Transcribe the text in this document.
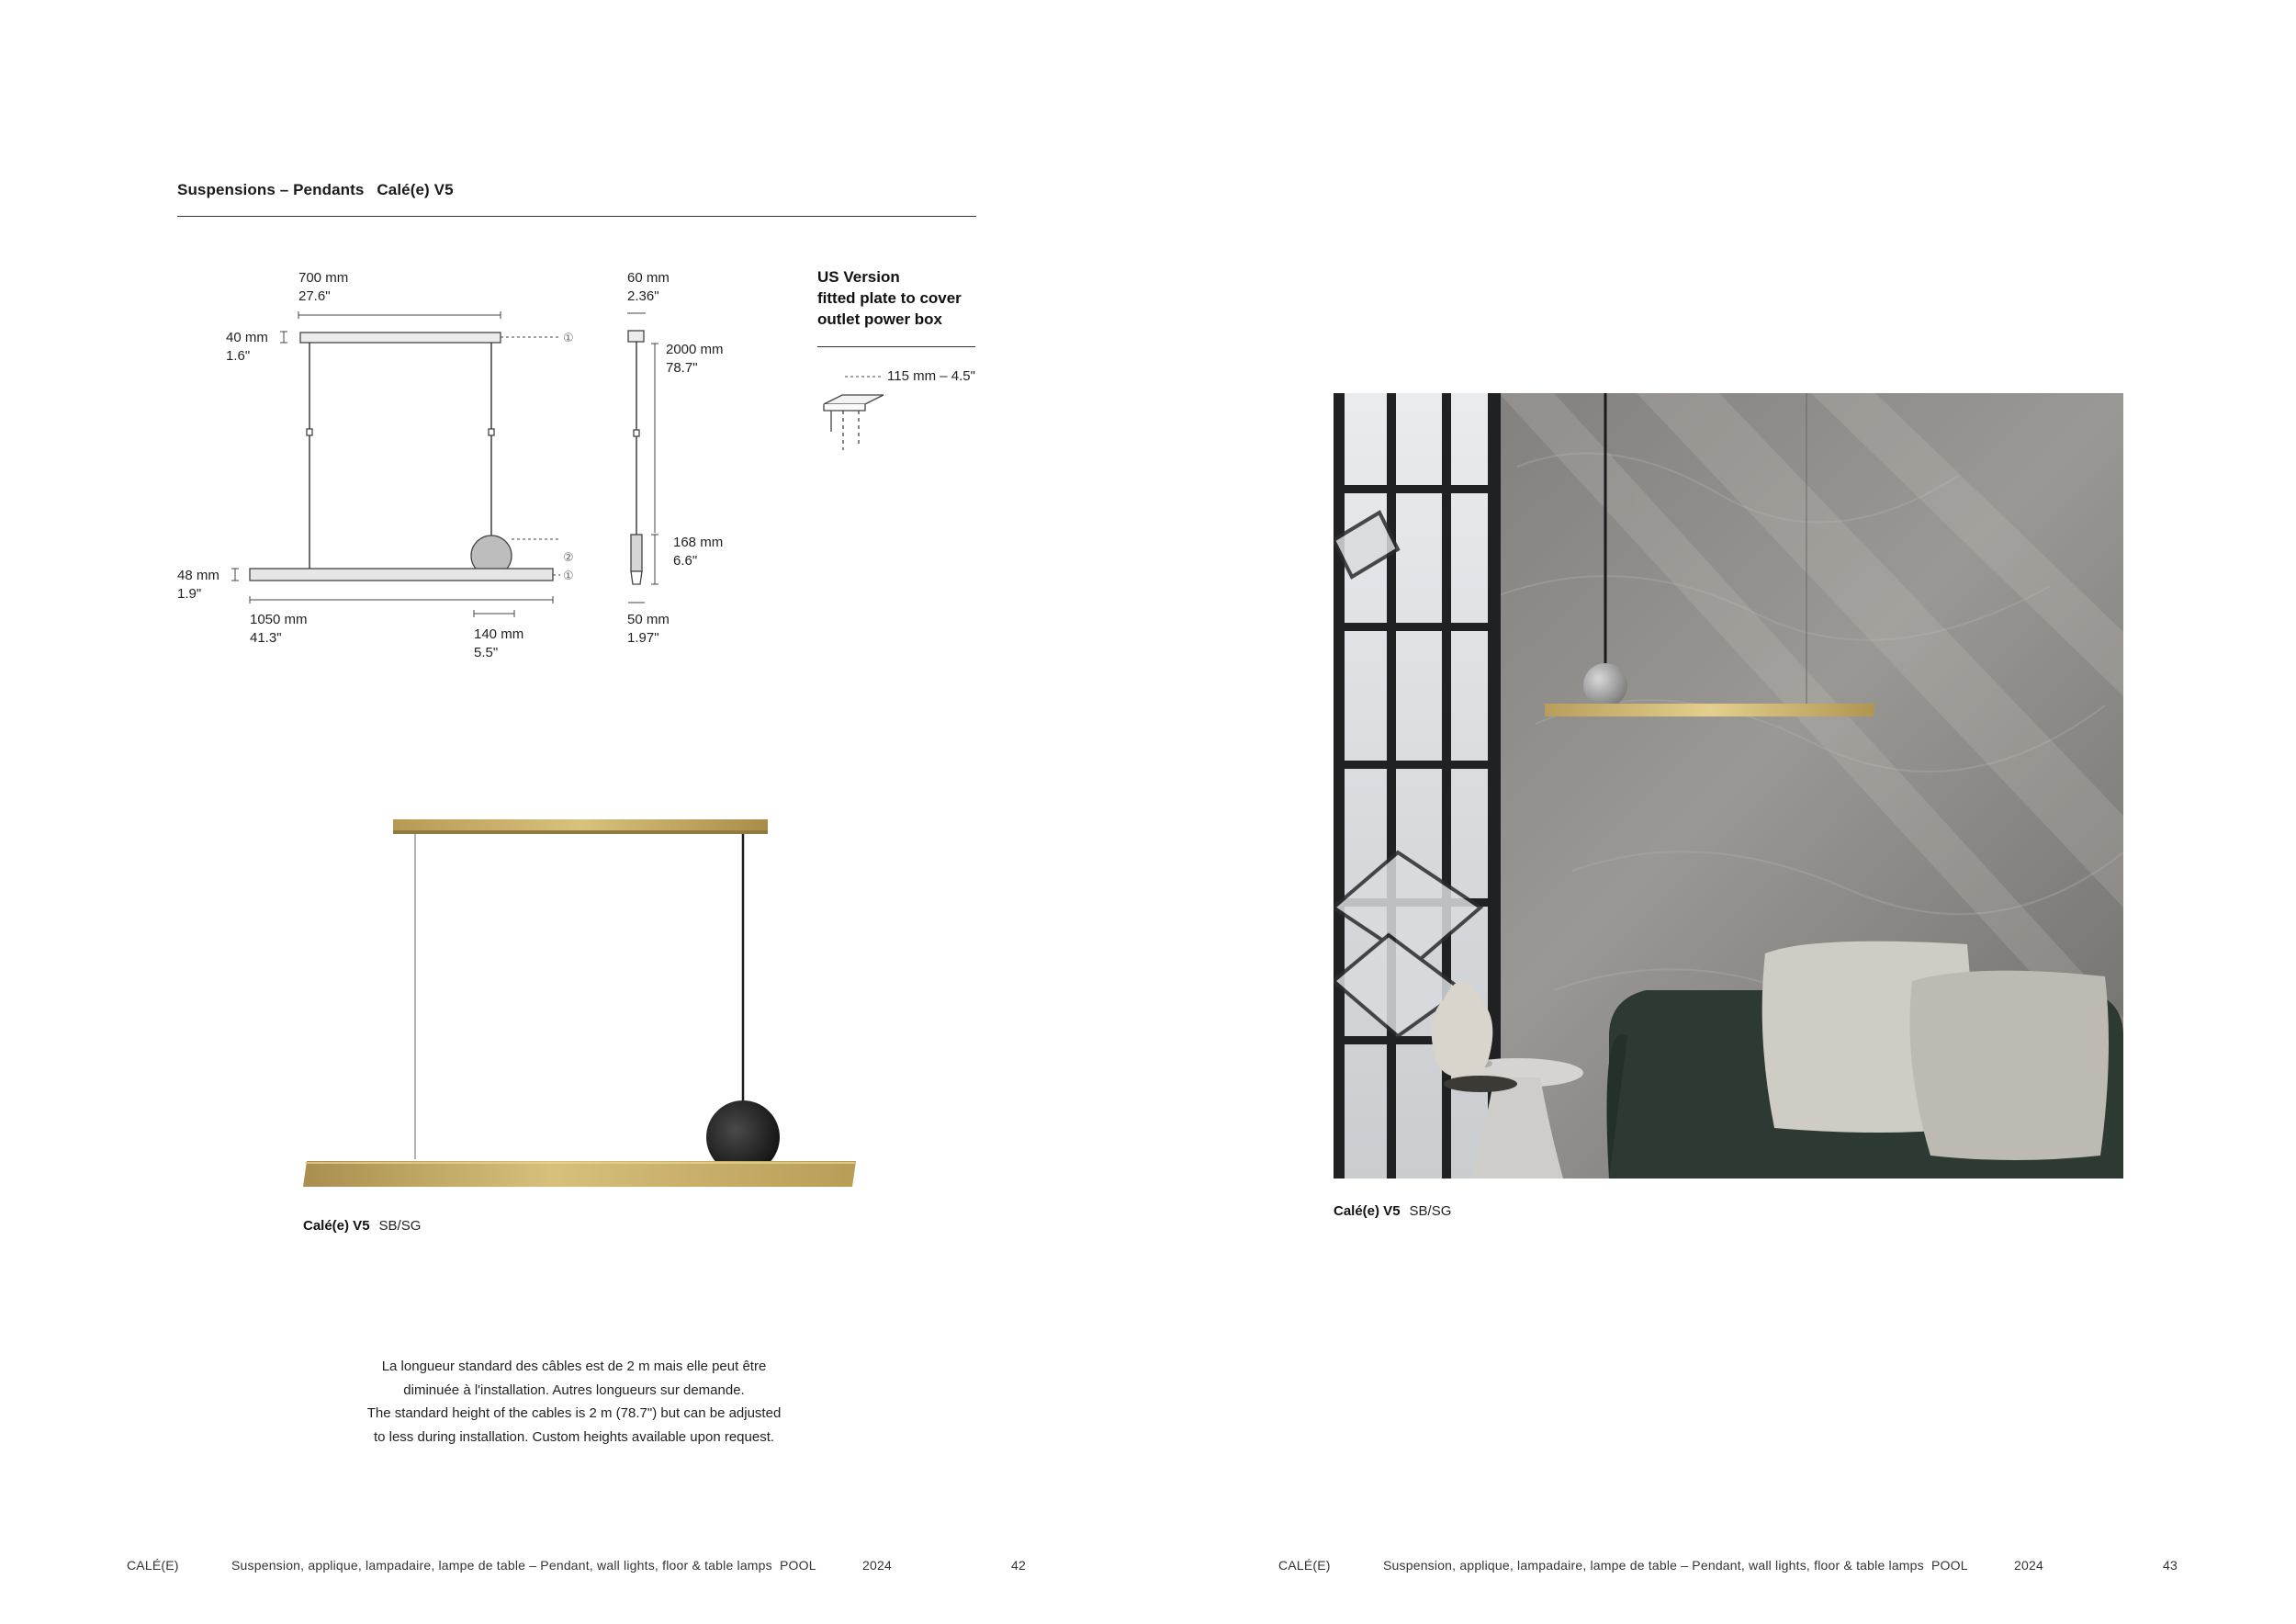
Suspensions – Pendants Calé(e) V5
①
②
①
700 mm
27.6"
40 mm
1.6"
48 mm
1.9"
1050 mm
41.3"	140 mm
5.5"
60 mm
2.36"
2000 mm
78.7"
168 mm
6.6"
50 mm
1.97"
US Version
fitted plate to cover
outlet power box
115 mm – 4.5"
Calé(e) V5 SB/SG
La longueur standard des câbles est de 2 m mais elle peut être
diminuée à l'installation. Autres longueurs sur demande.
The standard height of the cables is 2 m (78.7") but can be adjusted
to less during installation. Custom heights available upon request.
Calé(e) V5 SB/SG
CALÉ(E)	Suspension, applique, lampadaire, lampe de table – Pendant, wall lights, floor & table lamps POOL	2024	42	CALÉ(E)	Suspension, applique, lampadaire, lampe de table – Pendant, wall lights, floor & table lamps POOL	2024	43
